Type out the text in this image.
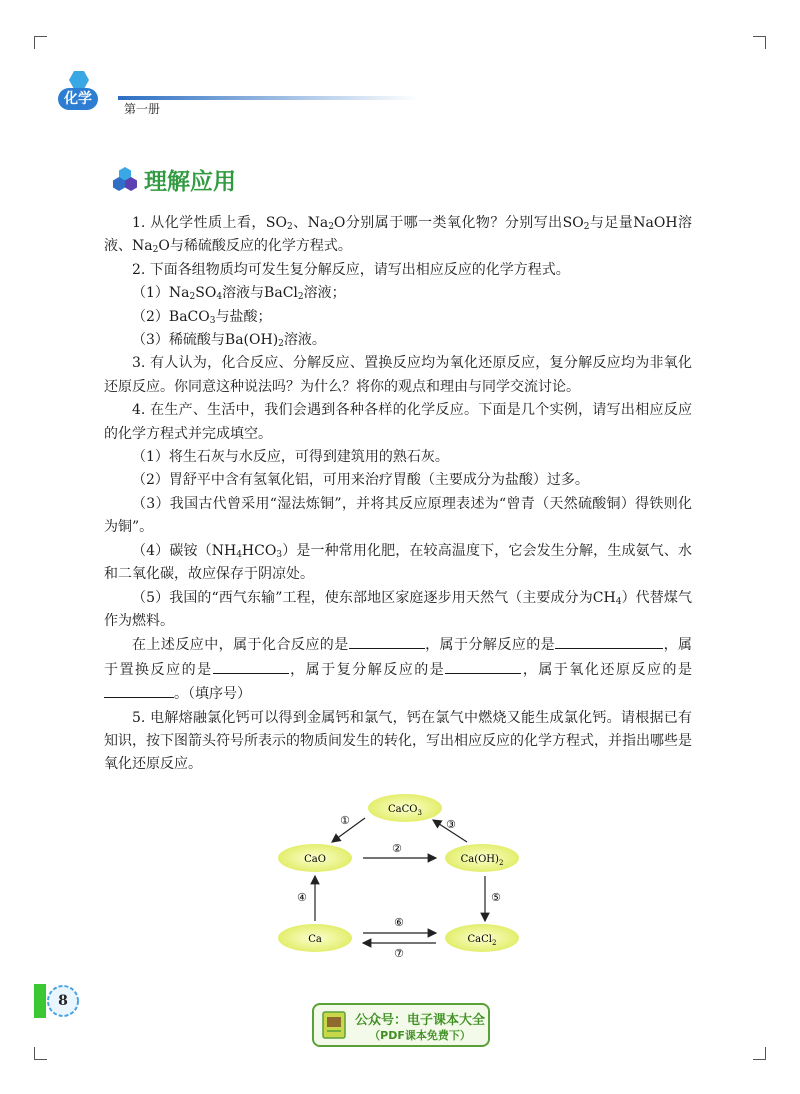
化学
第一册
理解应用

1. 从化学性质上看，$SO_2$、$Na_2O$分别属于哪一类氧化物？分别写出$SO_2$与足量NaOH溶液、$Na_2O$与稀硫酸反应的化学方程式。

2. 下面各组物质均可发生复分解反应，请写出相应反应的化学方程式。

$(1)Na_2SO_4$溶液与BaCl$_2$溶液；

（2）BaCO$_3$与盐酸；

（3）稀硫酸与$Ba(OH)_2$溶液。

3. 有人认为，化合反应、分解反应、置换反应均为氧化还原反应，复分解反应均为非氧化还原反应。你同意这种说法吗？为什么？将你的观点和理由与同学交流讨论。

4. 在生产、生活中，我们会遇到各种各样的化学反应。下面是几个实例，请写出相应反应的化学方程式并完成填空。

（1）将生石灰与水反应，可得到建筑用的熟石灰。

（2）胃舒平中含有氢氧化铝，可用来治疗胃酸（主要成分为盐酸）过多。

（3）我国古代曾采用“湿法炼铜”，并将其反应原理表述为“曾青（天然硫酸铜）得铁则化为铜”。

（4）碳铵$(NH_4HCO_3)$是一种常用化肥，在较高温度下，它会发生分解，生成氨气、水和二氧化碳，故应保存于阴凉处。

（5）我国的“西气东输”工程，使东部地区家庭逐步用天然气（主要成分为$CH_4$）代替煤气作为燃料。

在上述反应中，属于化合反应的是	，属于分解反应的是	，属于置换反应的是	，属于复分解反应的是	，属于氧化还原反应的是。（填序号）

5. 电解熔融氯化钙可以得到金属钙和氯气，钙在氯气中燃烧又能生成氯化钙。请根据已有知识，按下图箭头符号所表示的物质间发生的转化，写出相应反应的化学方程式，并指出哪些是氧化还原反应。

CaCO$_3$
CaO	$Ca(OH)_2$
Ca	CaCl$_2$
①
②
③
④	⑤
⑥
⑦
8
公众号：电子课本大全
（PDF课本免费下）
